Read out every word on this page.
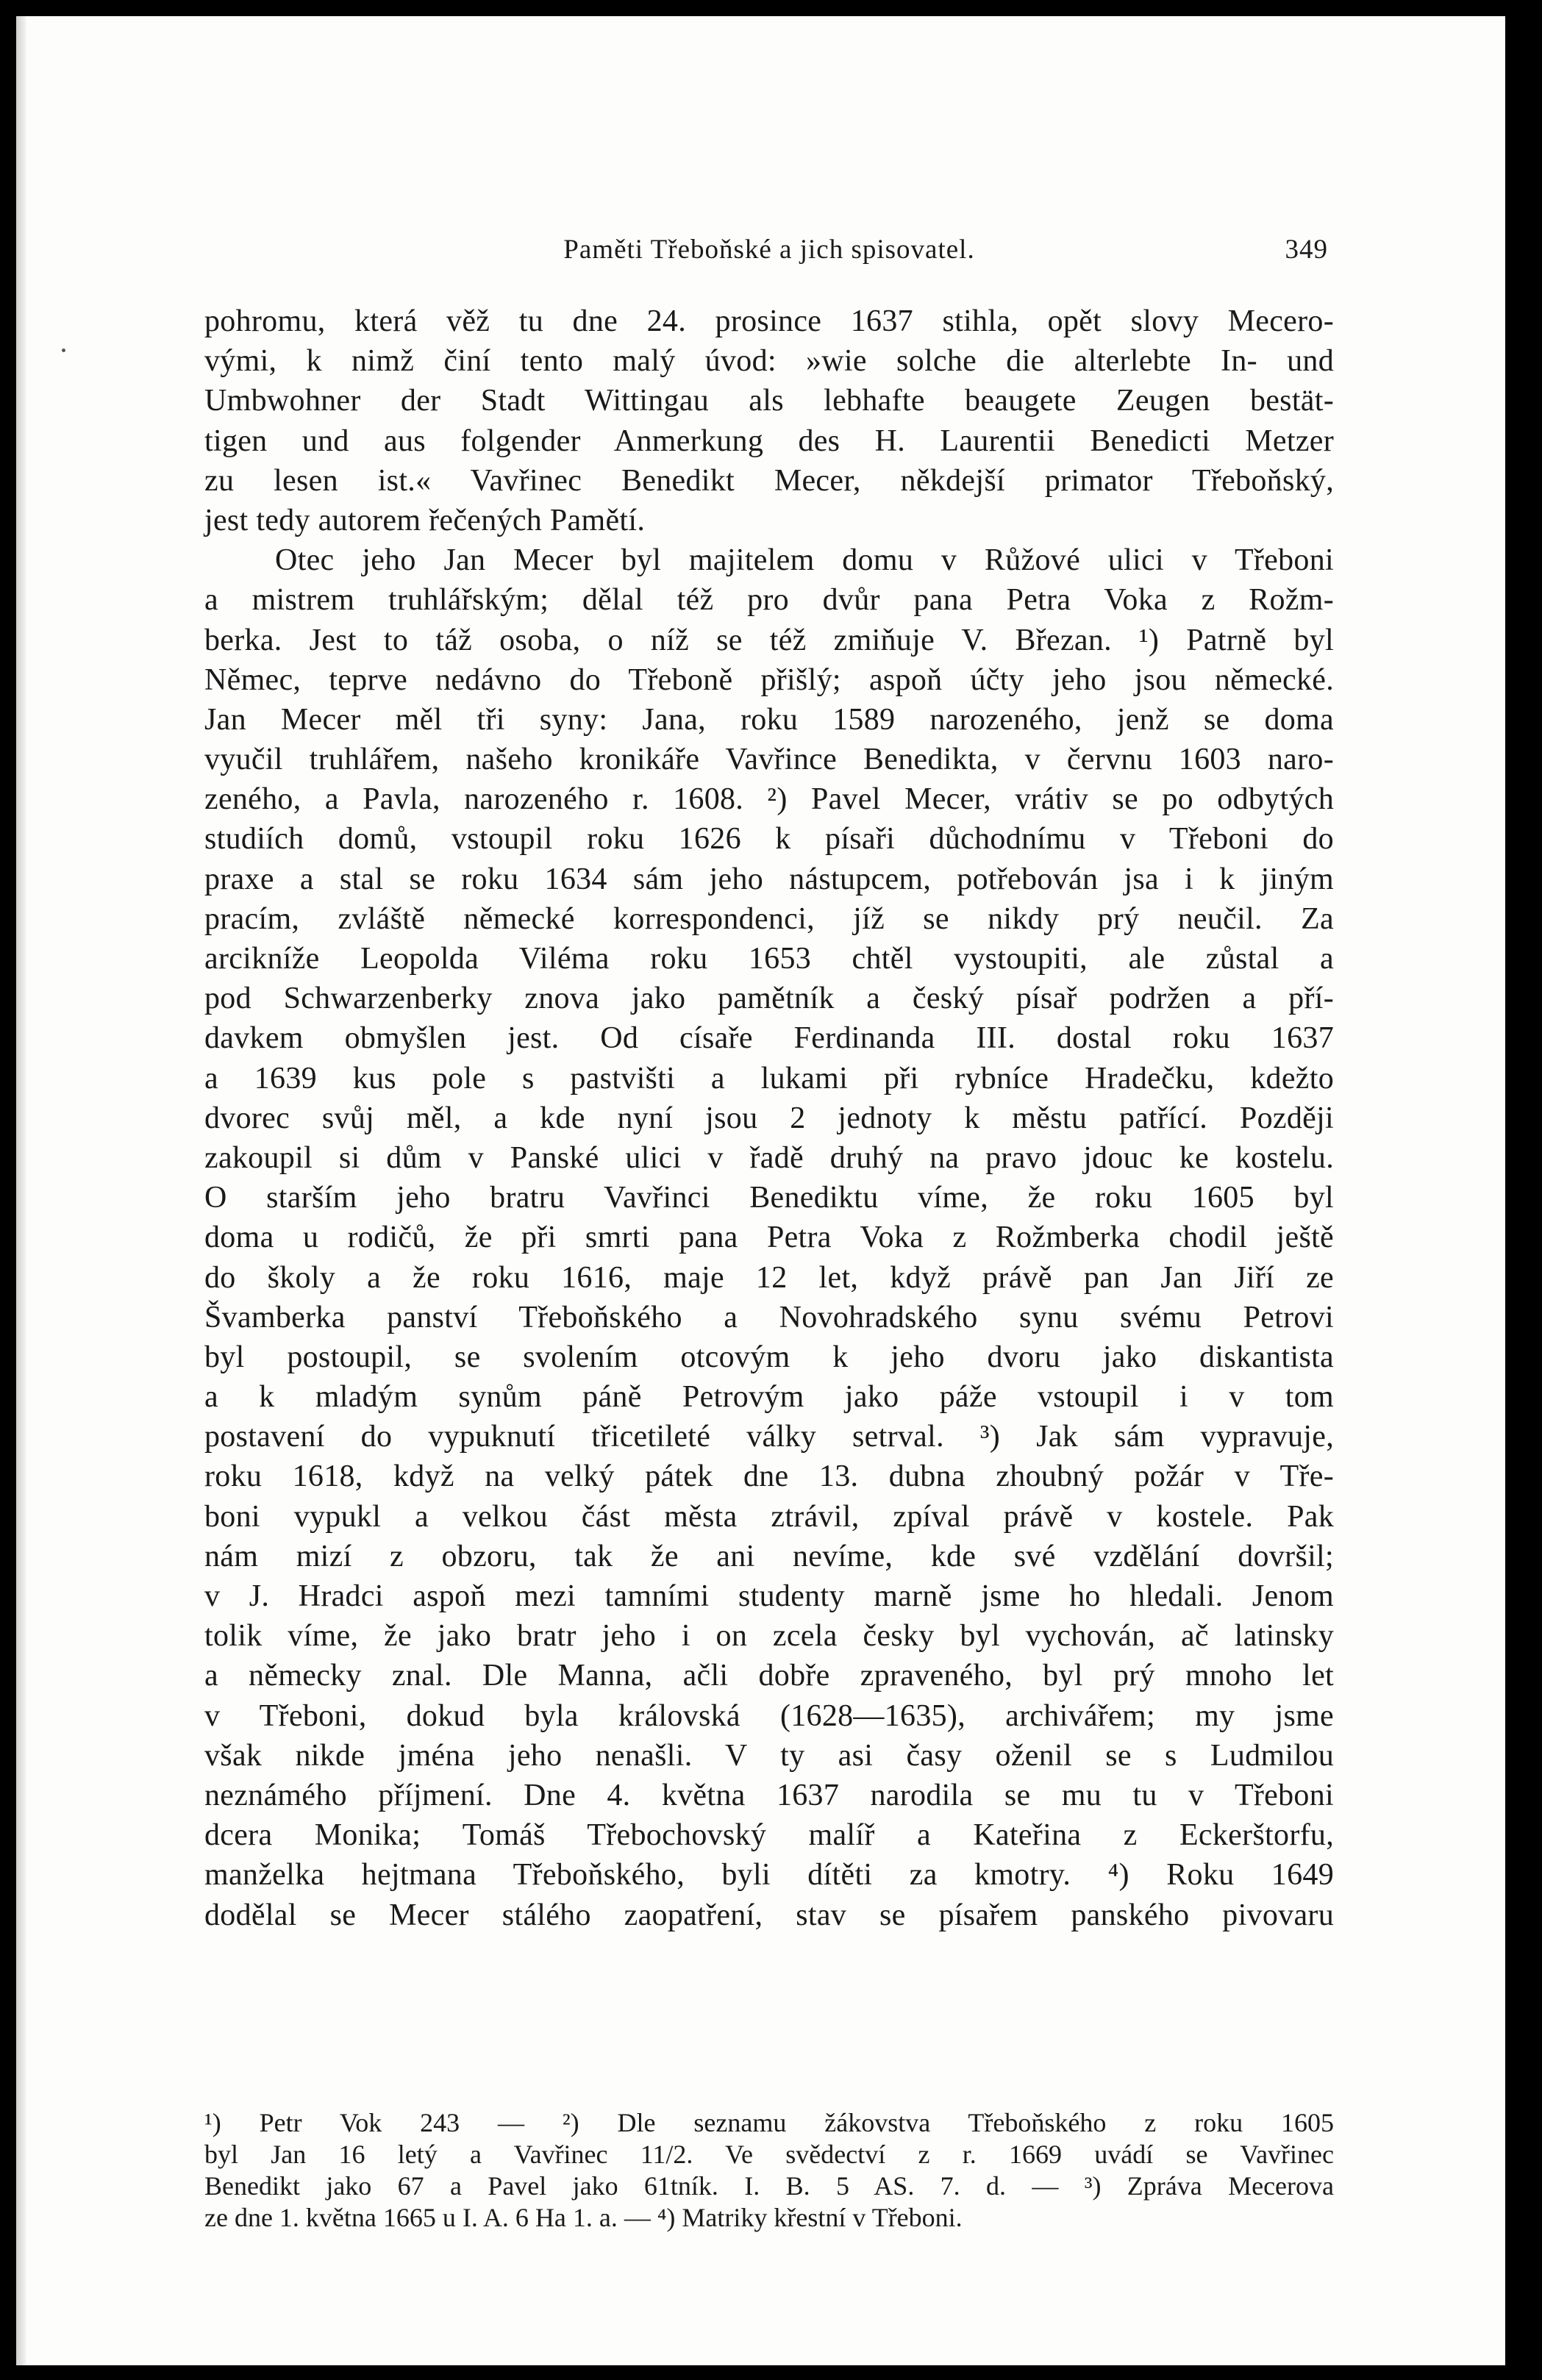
Paměti Třeboňské a jich spisovatel.	349
pohromu, která věž tu dne 24. prosince 1637 stihla, opět slovy Mecero-
vými, k nimž činí tento malý úvod: »wie solche die alterlebte In- und
Umbwohner der Stadt Wittingau als lebhafte beaugete Zeugen bestät-
tigen und aus folgender Anmerkung des H. Laurentii Benedicti Metzer
zu lesen ist.« Vavřinec Benedikt Mecer, někdejší primator Třeboňský,
jest tedy autorem řečených Pamětí.
Otec jeho Jan Mecer byl majitelem domu v Růžové ulici v Třeboni
a mistrem truhlářským; dělal též pro dvůr pana Petra Voka z Rožm-
berka. Jest to táž osoba, o níž se též zmiňuje V. Březan. ¹) Patrně byl
Němec, teprve nedávno do Třeboně přišlý; aspoň účty jeho jsou německé.
Jan Mecer měl tři syny: Jana, roku 1589 narozeného, jenž se doma
vyučil truhlářem, našeho kronikáře Vavřince Benedikta, v červnu 1603 naro-
zeného, a Pavla, narozeného r. 1608. ²) Pavel Mecer, vrátiv se po odbytých
studiích domů, vstoupil roku 1626 k písaři důchodnímu v Třeboni do
praxe a stal se roku 1634 sám jeho nástupcem, potřebován jsa i k jiným
pracím, zvláště německé korrespondenci, jíž se nikdy prý neučil. Za
arcikníže Leopolda Viléma roku 1653 chtěl vystoupiti, ale zůstal a
pod Schwarzenberky znova jako pamětník a český písař podržen a pří-
davkem obmyšlen jest. Od císaře Ferdinanda III. dostal roku 1637
a 1639 kus pole s pastvišti a lukami při rybníce Hradečku, kdežto
dvorec svůj měl, a kde nyní jsou 2 jednoty k městu patřící. Později
zakoupil si dům v Panské ulici v řadě druhý na pravo jdouc ke kostelu.
O starším jeho bratru Vavřinci Benediktu víme, že roku 1605 byl
doma u rodičů, že při smrti pana Petra Voka z Rožmberka chodil ještě
do školy a že roku 1616, maje 12 let, když právě pan Jan Jiří ze
Švamberka panství Třeboňského a Novohradského synu svému Petrovi
byl postoupil, se svolením otcovým k jeho dvoru jako diskantista
a k mladým synům páně Petrovým jako páže vstoupil i v tom
postavení do vypuknutí třicetileté války setrval. ³) Jak sám vypravuje,
roku 1618, když na velký pátek dne 13. dubna zhoubný požár v Tře-
boni vypukl a velkou část města ztrávil, zpíval právě v kostele. Pak
nám mizí z obzoru, tak že ani nevíme, kde své vzdělání dovršil;
v J. Hradci aspoň mezi tamními studenty marně jsme ho hledali. Jenom
tolik víme, že jako bratr jeho i on zcela česky byl vychován, ač latinsky
a německy znal. Dle Manna, ačli dobře zpraveného, byl prý mnoho let
v Třeboni, dokud byla královská (1628—1635), archivářem; my jsme
však nikde jména jeho nenašli. V ty asi časy oženil se s Ludmilou
neznámého příjmení. Dne 4. května 1637 narodila se mu tu v Třeboni
dcera Monika; Tomáš Třebochovský malíř a Kateřina z Eckerštorfu,
manželka hejtmana Třeboňského, byli dítěti za kmotry. ⁴) Roku 1649
dodělal se Mecer stálého zaopatření, stav se písařem panského pivovaru
¹) Petr Vok 243 — ²) Dle seznamu žákovstva Třeboňského z roku 1605
byl Jan 16 letý a Vavřinec 11/2. Ve svědectví z r. 1669 uvádí se Vavřinec
Benedikt jako 67 a Pavel jako 61tník. I. B. 5 AS. 7. d. — ³) Zpráva Mecerova
ze dne 1. května 1665 u I. A. 6 Ha 1. a. — ⁴) Matriky křestní v Třeboni.
